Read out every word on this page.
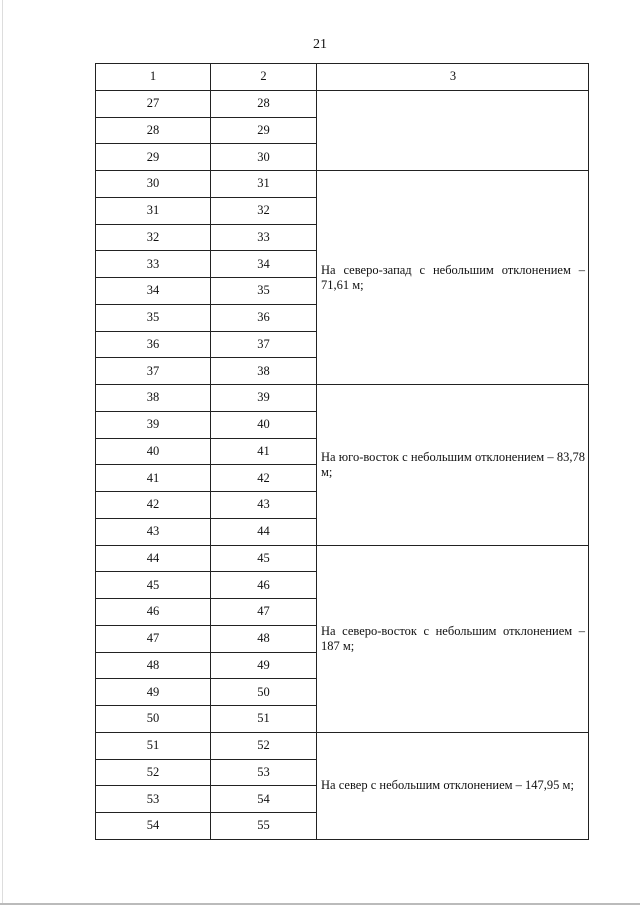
21
1	2	3
27	28	
28	29	
29	30	
30	31	На северо-запад с небольшим отклонением – 71,61 м;
31	32	
32	33	
33	34	
34	35	
35	36	
36	37	
37	38	
38	39	На юго-восток с небольшим отклонением – 83,78 м;
39	40	
40	41	
41	42	
42	43	
43	44	
44	45	На северо-восток с небольшим отклонением – 187 м;
45	46	
46	47	
47	48	
48	49	
49	50	
50	51	
51	52	На север с небольшим отклонением – 147,95 м;
52	53	
53	54	
54	55	
